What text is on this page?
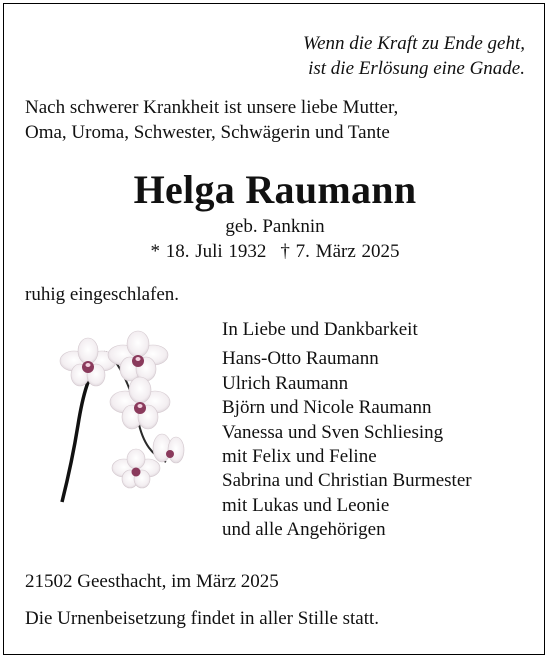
Wenn die Kraft zu Ende geht,
ist die Erlösung eine Gnade.
Nach schwerer Krankheit ist unsere liebe Mutter,
Oma, Uroma, Schwester, Schwägerin und Tante
Helga Raumann
geb. Panknin
* 18. Juli 1932 † 7. März 2025
ruhig eingeschlafen.
In Liebe und Dankbarkeit
Hans-Otto Raumann
Ulrich Raumann
Björn und Nicole Raumann
Vanessa und Sven Schliesing
mit Felix und Feline
Sabrina und Christian Burmester
mit Lukas und Leonie
und alle Angehörigen
21502 Geesthacht, im März 2025
Die Urnenbeisetzung findet in aller Stille statt.
